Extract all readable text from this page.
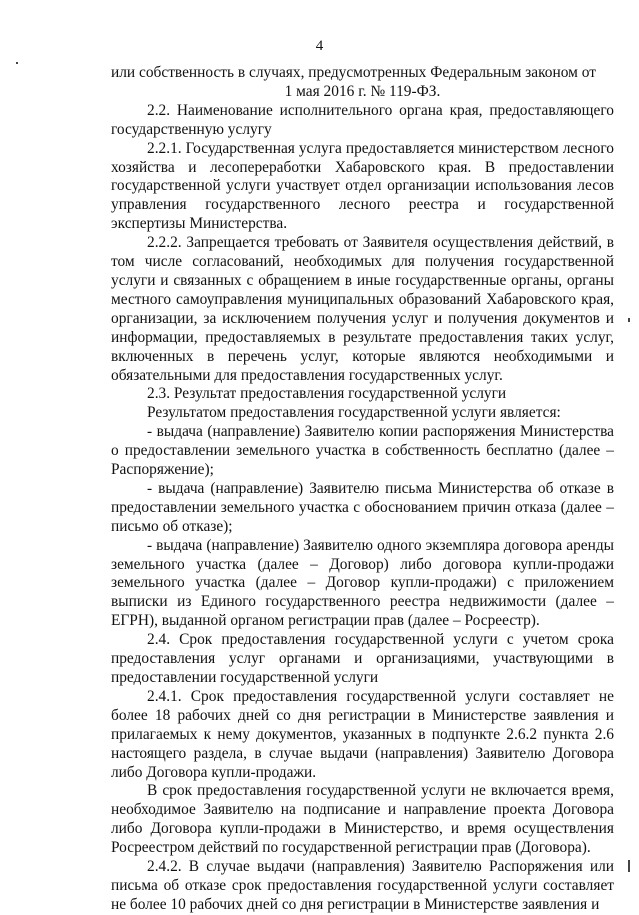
4

или собственность в случаях, предусмотренных Федеральным законом от

1 мая 2016 г. № 119-ФЗ.

2.2. Наименование исполнительного органа края, предоставляющего государственную услугу

2.2.1. Государственная услуга предоставляется министерством лесного хозяйства и лесопереработки Хабаровского края. В предоставлении государственной услуги участвует отдел организации использования лесов управления государственного лесного реестра и государственной экспертизы Министерства.

2.2.2. Запрещается требовать от Заявителя осуществления действий, в том числе согласований, необходимых для получения государственной услуги и связанных с обращением в иные государственные органы, органы местного самоуправления муниципальных образований Хабаровского края, организации, за исключением получения услуг и получения документов и информации, предоставляемых в результате предоставления таких услуг, включенных в перечень услуг, которые являются необходимыми и обязательными для предоставления государственных услуг.

2.3. Результат предоставления государственной услуги

Результатом предоставления государственной услуги является:

- выдача (направление) Заявителю копии распоряжения Министерства о предоставлении земельного участка в собственность бесплатно (далее – Распоряжение);

- выдача (направление) Заявителю письма Министерства об отказе в предоставлении земельного участка с обоснованием причин отказа (далее – письмо об отказе);

- выдача (направление) Заявителю одного экземпляра договора аренды земельного участка (далее – Договор) либо договора купли-продажи земельного участка (далее – Договор купли-продажи) с приложением выписки из Единого государственного реестра недвижимости (далее – ЕГРН), выданной органом регистрации прав (далее – Росреестр).

2.4. Срок предоставления государственной услуги с учетом срока предоставления услуг органами и организациями, участвующими в предоставлении государственной услуги

2.4.1. Срок предоставления государственной услуги составляет не более 18 рабочих дней со дня регистрации в Министерстве заявления и прилагаемых к нему документов, указанных в подпункте 2.6.2 пункта 2.6 настоящего раздела, в случае выдачи (направления) Заявителю Договора либо Договора купли-продажи.

В срок предоставления государственной услуги не включается время, необходимое Заявителю на подписание и направление проекта Договора либо Договора купли-продажи в Министерство, и время осуществления Росреестром действий по государственной регистрации прав (Договора).

2.4.2. В случае выдачи (направления) Заявителю Распоряжения или письма об отказе срок предоставления государственной услуги составляет не более 10 рабочих дней со дня регистрации в Министерстве заявления и
